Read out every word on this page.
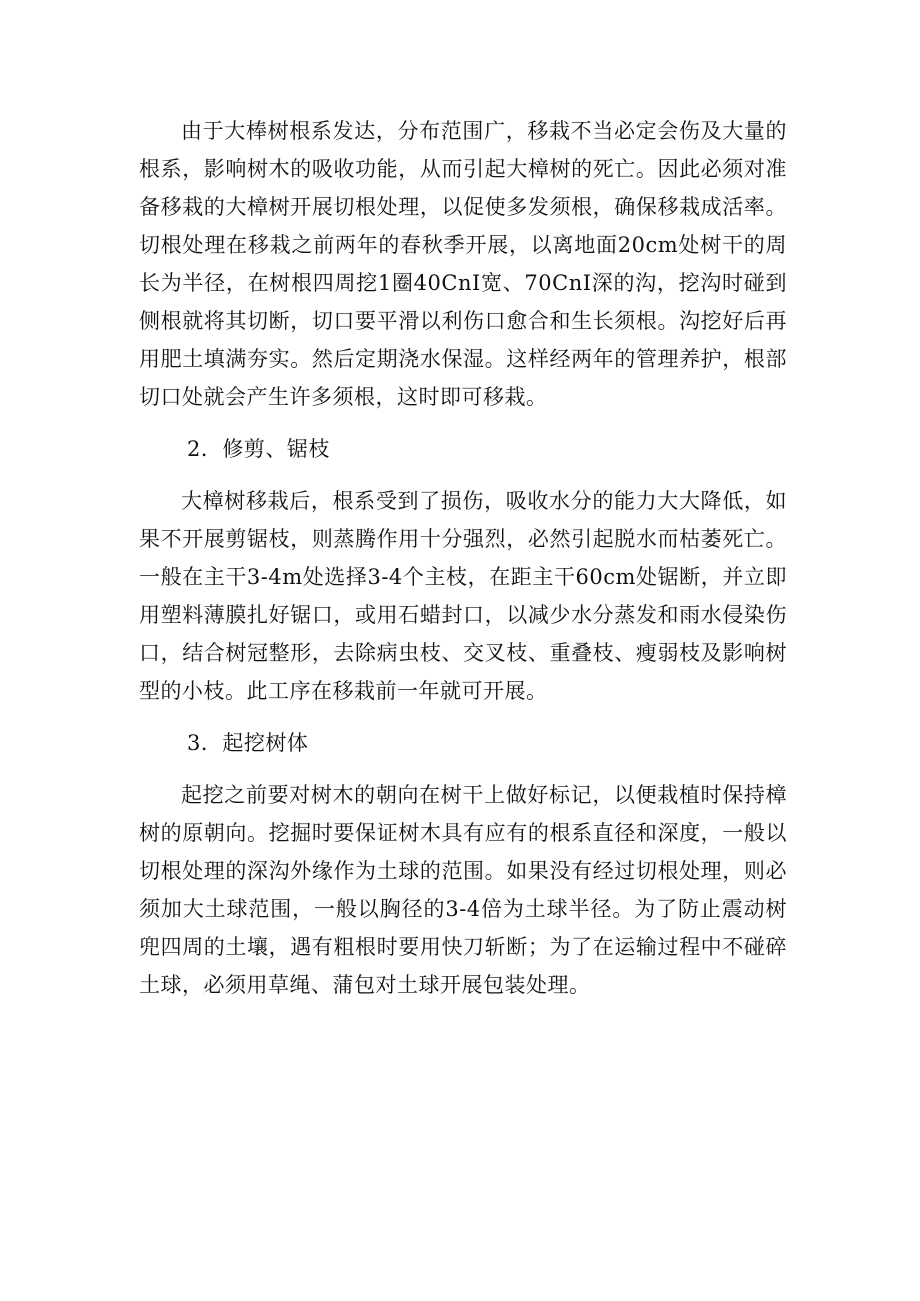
由于大棒树根系发达，分布范围广，移栽不当必定会伤及大量的根系，影响树木的吸收功能，从而引起大樟树的死亡。因此必须对准备移栽的大樟树开展切根处理，以促使多发须根，确保移栽成活率。切根处理在移栽之前两年的春秋季开展，以离地面20cm处树干的周长为半径，在树根四周挖1圈40CnI宽、70CnI深的沟，挖沟时碰到侧根就将其切断，切口要平滑以利伤口愈合和生长须根。沟挖好后再用肥土填满夯实。然后定期浇水保湿。这样经两年的管理养护，根部切口处就会产生许多须根，这时即可移栽。

2．修剪、锯枝

大樟树移栽后，根系受到了损伤，吸收水分的能力大大降低，如果不开展剪锯枝，则蒸腾作用十分强烈，必然引起脱水而枯萎死亡。一般在主干3-4m处选择3-4个主枝，在距主干60cm处锯断，并立即用塑料薄膜扎好锯口，或用石蜡封口，以减少水分蒸发和雨水侵染伤口，结合树冠整形，去除病虫枝、交叉枝、重叠枝、瘦弱枝及影响树型的小枝。此工序在移栽前一年就可开展。

3．起挖树体

起挖之前要对树木的朝向在树干上做好标记，以便栽植时保持樟树的原朝向。挖掘时要保证树木具有应有的根系直径和深度，一般以切根处理的深沟外缘作为土球的范围。如果没有经过切根处理，则必须加大土球范围，一般以胸径的3-4倍为土球半径。为了防止震动树兜四周的土壤，遇有粗根时要用快刀斩断；为了在运输过程中不碰碎土球，必须用草绳、蒲包对土球开展包装处理。
